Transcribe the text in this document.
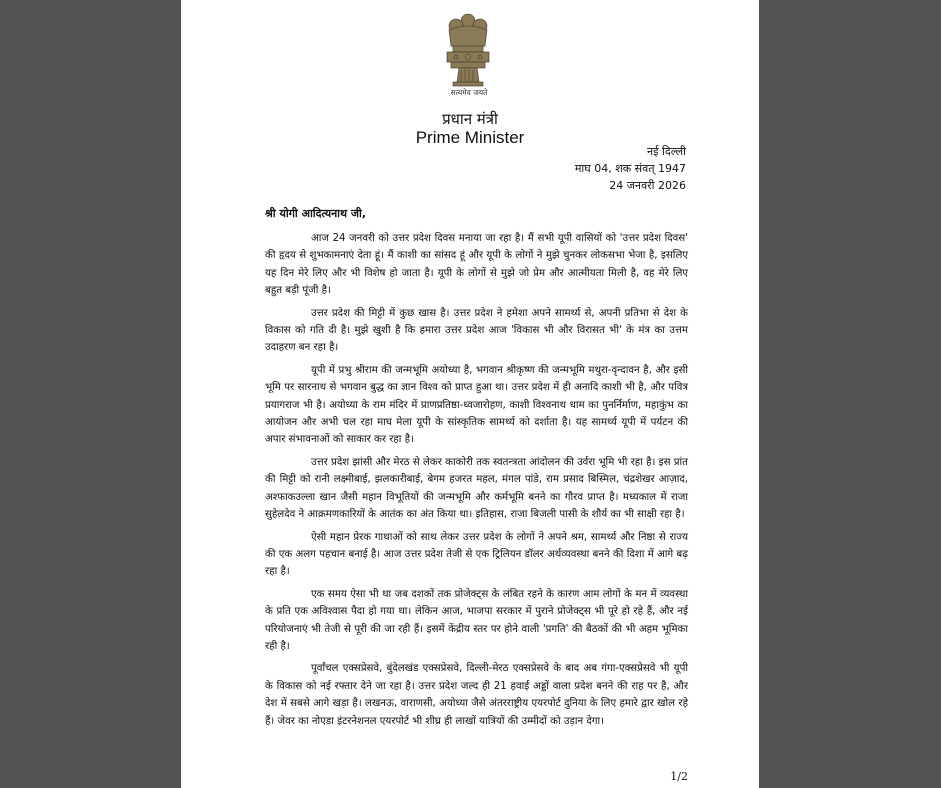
सत्यमेव जयते
प्रधान मंत्री
Prime Minister
नई दिल्ली
माघ 04, शक संवत् 1947
24 जनवरी 2026
श्री योगी आदित्यनाथ जी,

आज 24 जनवरी को उत्तर प्रदेश दिवस मनाया जा रहा है। मैं सभी यूपी वासियों को 'उत्तर प्रदेश दिवस' की हृदय से शुभकामनाएं देता हूं। मैं काशी का सांसद हूं और यूपी के लोगों ने मुझे चुनकर लोकसभा भेजा है, इसलिए यह दिन मेरे लिए और भी विशेष हो जाता है। यूपी के लोगों से मुझे जो प्रेम और आत्मीयता मिली है, वह मेरे लिए बहुत बड़ी पूंजी है।

उत्तर प्रदेश की मिट्टी में कुछ खास है। उत्तर प्रदेश ने हमेशा अपने सामर्थ्य से, अपनी प्रतिभा से देश के विकास को गति दी है। मुझे खुशी है कि हमारा उत्तर प्रदेश आज 'विकास भी और विरासत भी' के मंत्र का उत्तम उदाहरण बन रहा है।

यूपी में प्रभु श्रीराम की जन्मभूमि अयोध्या है, भगवान श्रीकृष्ण की जन्मभूमि मथुरा-वृन्दावन है, और इसी भूमि पर सारनाथ से भगवान बुद्ध का ज्ञान विश्व को प्राप्त हुआ था। उत्तर प्रदेश में ही अनादि काशी भी है, और पवित्र प्रयागराज भी है। अयोध्या के राम मंदिर में प्राणप्रतिष्ठा-ध्वजारोहण, काशी विश्वनाथ धाम का पुनर्निर्माण, महाकुंभ का आयोजन और अभी चल रहा माघ मेला यूपी के सांस्कृतिक सामर्थ्य को दर्शाता है। यह सामर्थ्य यूपी में पर्यटन की अपार संभावनाओं को साकार कर रहा है।

उत्तर प्रदेश झांसी और मेरठ से लेकर काकोरी तक स्वतन्त्रता आंदोलन की उर्वरा भूमि भी रहा है। इस प्रांत की मिट्टी को रानी लक्ष्मीबाई, झलकारीबाई, बेगम हजरत महल, मंगल पांडे, राम प्रसाद बिस्मिल, चंद्रशेखर आज़ाद, अश्फाकउल्ला खान जैसी महान विभूतियों की जन्मभूमि और कर्मभूमि बनने का गौरव प्राप्त है। मध्यकाल में राजा सुहेलदेव ने आक्रमणकारियों के आतंक का अंत किया था। इतिहास, राजा बिजली पासी के शौर्य का भी साक्षी रहा है।

ऐसी महान प्रेरक गाथाओं को साथ लेकर उत्तर प्रदेश के लोगों ने अपने श्रम, सामर्थ्य और निष्ठा से राज्य की एक अलग पहचान बनाई है। आज उत्तर प्रदेश तेजी से एक ट्रिलियन डॉलर अर्थव्यवस्था बनने की दिशा में आगे बढ़ रहा है।

एक समय ऐसा भी था जब दशकों तक प्रोजेक्ट्स के लंबित रहने के कारण आम लोगों के मन में व्यवस्था के प्रति एक अविश्वास पैदा हो गया था। लेकिन आज, भाजपा सरकार में पुराने प्रोजेक्ट्स भी पूरे हो रहे हैं, और नई परियोजनाएं भी तेजी से पूरी की जा रही हैं। इसमें केंद्रीय स्तर पर होने वाली 'प्रगति' की बैठकों की भी अहम भूमिका रही है।

पूर्वांचल एक्सप्रेसवे, बुंदेलखंड एक्सप्रेसवे, दिल्ली-मेरठ एक्सप्रेसवे के बाद अब गंगा-एक्सप्रेसवे भी यूपी के विकास को नई रफ्तार देने जा रहा है। उत्तर प्रदेश जल्द ही 21 हवाई अड्डों वाला प्रदेश बनने की राह पर है, और देश में सबसे आगे खड़ा है। लखनऊ, वाराणसी, अयोध्या जैसे अंतरराष्ट्रीय एयरपोर्ट दुनिया के लिए हमारे द्वार खोल रहे हैं। जेवर का नोएडा इंटरनेशनल एयरपोर्ट भी शीघ्र ही लाखों यात्रियों की उम्मीदों को उड़ान देगा।

1/2
